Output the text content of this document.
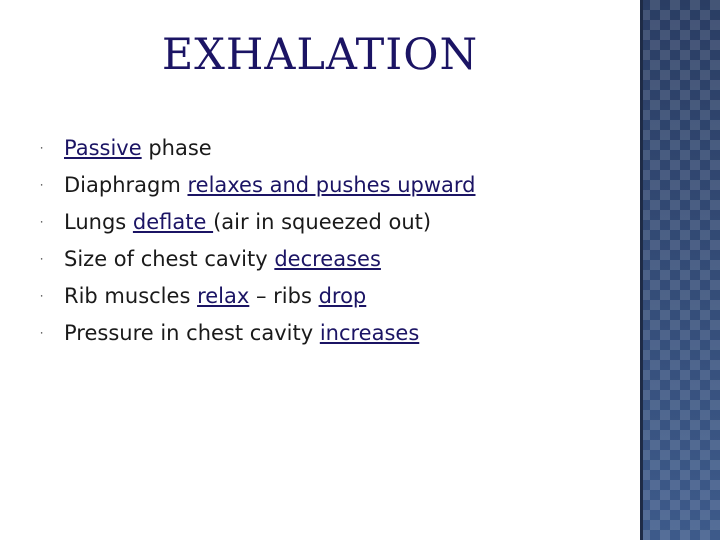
EXHALATION
⸱ Passive phase
⸱ Diaphragm relaxes and pushes upward
⸱ Lungs deflate (air in squeezed out)
⸱ Size of chest cavity decreases
⸱ Rib muscles relax – ribs drop
⸱ Pressure in chest cavity increases
